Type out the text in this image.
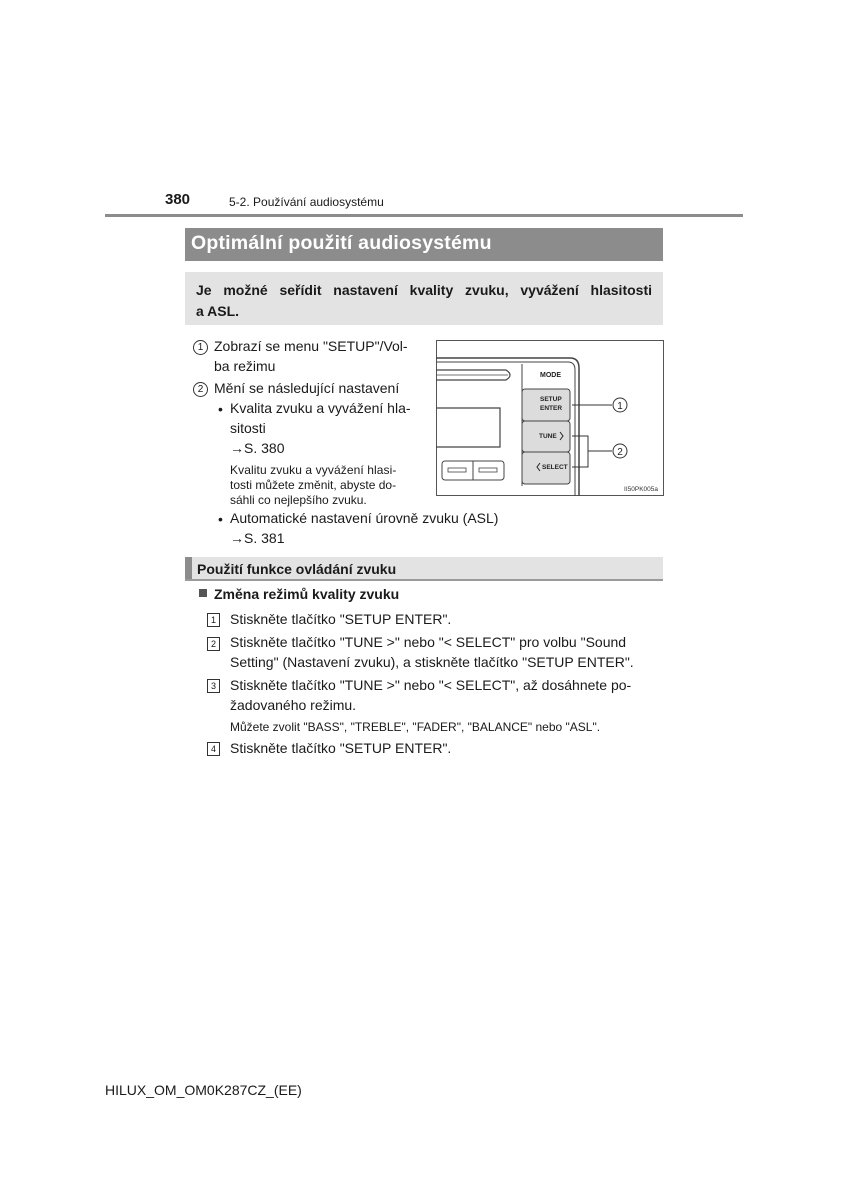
380	5-2. Používání audiosystému
Optimální použití audiosystému
Je možné seřídit nastavení kvality zvuku, vyvážení hlasitosti
a ASL.
1 Zobrazí se menu "SETUP"/Vol-
ba režimu
2 Mění se následující nastavení
• Kvalita zvuku a vyvážení hla-
sitosti
→S. 380
Kvalitu zvuku a vyvážení hlasi-
tosti můžete změnit, abyste do-
sáhli co nejlepšího zvuku.
• Automatické nastavení úrovně zvuku (ASL)
→S. 381
MODE
SETUP
ENTER
TUNE
SELECT
1
2
II50PK005a
Použití funkce ovládání zvuku
Změna režimů kvality zvuku
1 Stiskněte tlačítko "SETUP ENTER".
2 Stiskněte tlačítko "TUNE >" nebo "< SELECT" pro volbu "Sound
Setting" (Nastavení zvuku), a stiskněte tlačítko "SETUP ENTER".
3 Stiskněte tlačítko "TUNE >" nebo "< SELECT", až dosáhnete po-
žadovaného režimu.
Můžete zvolit "BASS", "TREBLE", "FADER", "BALANCE" nebo "ASL".
4 Stiskněte tlačítko "SETUP ENTER".
HILUX_OM_OM0K287CZ_(EE)
